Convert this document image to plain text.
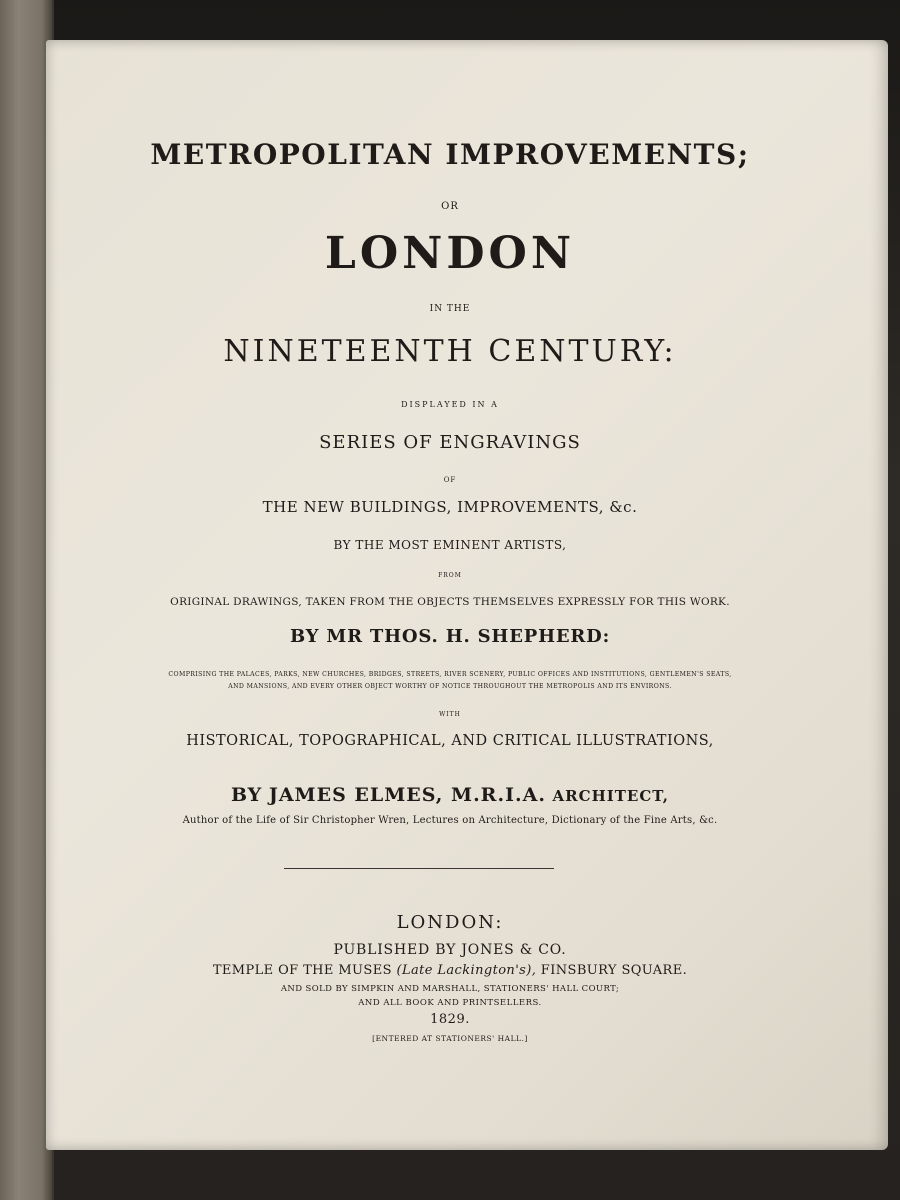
METROPOLITAN IMPROVEMENTS;
OR
LONDON
IN THE
NINETEENTH CENTURY:
DISPLAYED IN A
SERIES OF ENGRAVINGS
OF
THE NEW BUILDINGS, IMPROVEMENTS, &c.
BY THE MOST EMINENT ARTISTS,
FROM
ORIGINAL DRAWINGS, TAKEN FROM THE OBJECTS THEMSELVES EXPRESSLY FOR THIS WORK.
BY MR THOS. H. SHEPHERD:
COMPRISING THE PALACES, PARKS, NEW CHURCHES, BRIDGES, STREETS, RIVER SCENERY, PUBLIC OFFICES AND INSTITUTIONS, GENTLEMEN'S SEATS,
AND MANSIONS, AND EVERY OTHER OBJECT WORTHY OF NOTICE THROUGHOUT THE METROPOLIS AND ITS ENVIRONS.
WITH
HISTORICAL, TOPOGRAPHICAL, AND CRITICAL ILLUSTRATIONS,
BY JAMES ELMES, M.R.I.A. ARCHITECT,
Author of the Life of Sir Christopher Wren, Lectures on Architecture, Dictionary of the Fine Arts, &c.
LONDON:
PUBLISHED BY JONES & CO.
TEMPLE OF THE MUSES (Late Lackington's), FINSBURY SQUARE.
AND SOLD BY SIMPKIN AND MARSHALL, STATIONERS' HALL COURT;
AND ALL BOOK AND PRINTSELLERS.
1829.
[ENTERED AT STATIONERS' HALL.]
